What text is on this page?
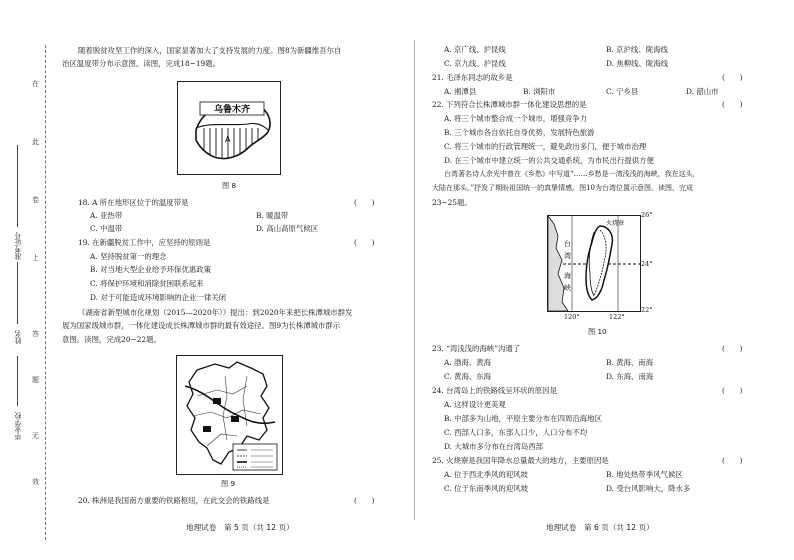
在
此
卷
上
答
题
无
效
准考证号
姓名
毕业学校
随着脱贫攻坚工作的深入，国家显著加大了支持发展的力度。图8为新疆维吾尔自
治区温度带分布示意图。读图，完成18~19题。
乌鲁木齐
A
图 8
18. A 所在地形区位于的温度带是	(　　)
A. 亚热带	B. 暖温带
C. 中温带	D. 高山高原气候区
19. 在新疆脱贫工作中，应坚持的原则是	(　　)
A. 坚持脱贫第一的理念
B. 对当地大型企业给予环保优惠政策
C. 将保护环境和消除贫困联系起来
D. 对于可能造成环境影响的企业一律关闭
《湖南省新型城市化规划（2015—2020年）》提出：到2020年来把长株潭城市群发
展为国家级城市群，一体化建设成长株潭城市群的最有效途径。图9为长株潭城市群示
意图。读图，完成20~22题。
图 9
20. 株洲是我国南方重要的铁路枢纽，在此交会的铁路线是	(　　)
地理试卷　第 5 页（共 12 页）
A. 京广线、沪昆线	B. 京沪线、陇海线
C. 京九线、沪昆线	D. 焦柳线、陇海线
21. 毛泽东同志的故乡是	(　　)
A. 湘潭县	B. 浏阳市	C. 宁乡县	D. 韶山市
22. 下列符合长株潭城市群一体化建设思想的是	(　　)
A. 将三个城市整合成一个城市，增强竞争力
B. 三个城市各自依托自身优势，发展特色旅游
C. 将三个城市的行政管理统一，避免政出多门，便于城市治理
D. 在三个城市中建立统一的公共交通系统，为市民出行提供方便
台湾著名诗人余光中曾在《乡愁》中写道“……乡愁是一湾浅浅的海峡，我在这头，
大陆在那头。”抒发了期盼祖国统一的真挚情感。图10为台湾位置示意图。读图，完成
23~25题。
火烧寮
台
湾
海
峡
26°
24°
22°
120°	122°
图 10
23. “湾浅浅的海峡”沟通了	(　　)
A. 渤海、黄海	B. 黄海、南海
C. 黄海、东海	D. 东海、南海
24. 台湾岛上的铁路线呈环状的原因是	(　　)
A. 这样设计更美观
B. 中部多为山地，平原主要分布在四周沿海地区
C. 西部人口多，东部人口少，人口分布不均
D. 大城市多分布在台湾岛西部
25. 火烧寮是我国年降水总量最大的地方，主要原因是	(　　)
A. 位于西北季风的迎风坡	B. 地处热带季风气候区
C. 位于东南季风的迎风坡	D. 受台风影响大，降水多
地理试卷　第 6 页（共 12 页）
